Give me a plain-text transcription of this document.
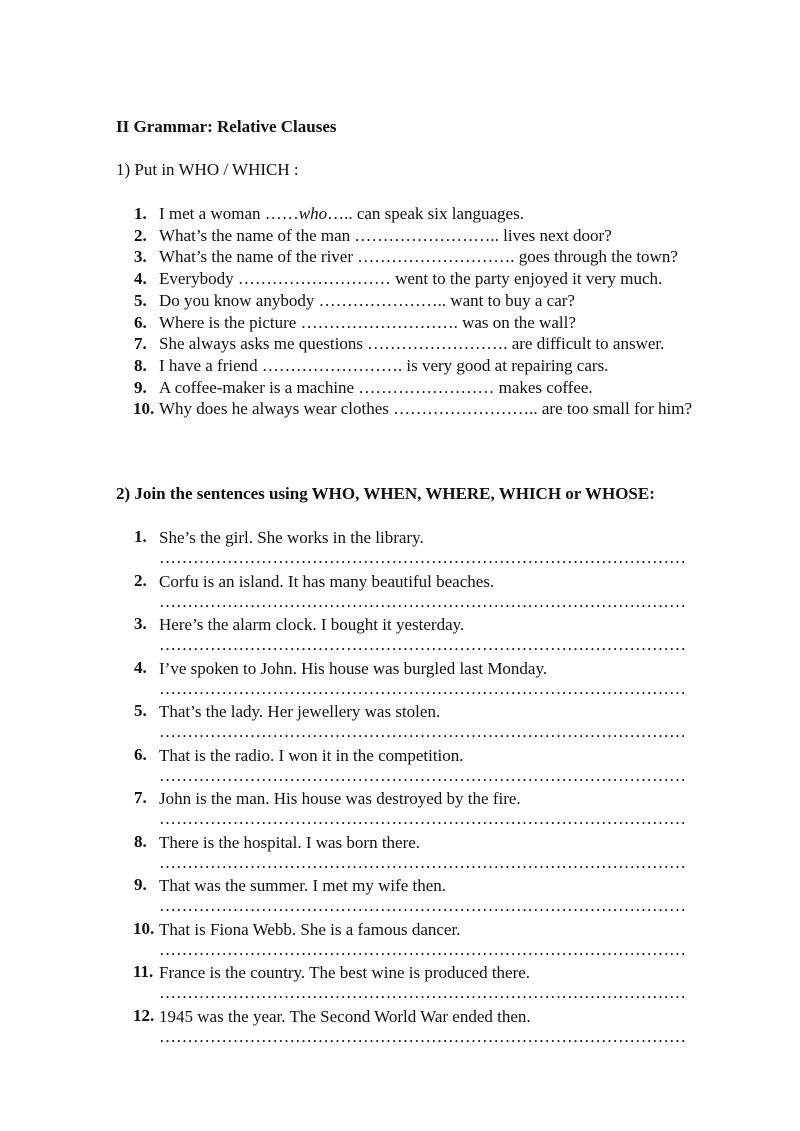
II Grammar: Relative Clauses
1) Put in WHO / WHICH :
1. I met a woman ……who….. can speak six languages.
2. What’s the name of the man …………………….. lives next door?
3. What’s the name of the river ………………………. goes through the town?
4. Everybody ……………………… went to the party enjoyed it very much.
5. Do you know anybody ………………….. want to buy a car?
6. Where is the picture ………………………. was on the wall?
7. She always asks me questions ……………………. are difficult to answer.
8. I have a friend ……………………. is very good at repairing cars.
9. A coffee-maker is a machine …………………… makes coffee.
10. Why does he always wear clothes …………………….. are too small for him?
2) Join the sentences using WHO, WHEN, WHERE, WHICH or WHOSE:
1. She’s the girl. She works in the library.
…………………………………………………………………………………
2. Corfu is an island. It has many beautiful beaches.
…………………………………………………………………………………
3. Here’s the alarm clock. I bought it yesterday.
…………………………………………………………………………………
4. I’ve spoken to John. His house was burgled last Monday.
…………………………………………………………………………………
5. That’s the lady. Her jewellery was stolen.
…………………………………………………………………………………
6. That is the radio. I won it in the competition.
…………………………………………………………………………………
7. John is the man. His house was destroyed by the fire.
…………………………………………………………………………………
8. There is the hospital. I was born there.
…………………………………………………………………………………
9. That was the summer. I met my wife then.
…………………………………………………………………………………
10. That is Fiona Webb. She is a famous dancer.
…………………………………………………………………………………
11. France is the country. The best wine is produced there.
…………………………………………………………………………………
12. 1945 was the year. The Second World War ended then.
…………………………………………………………………………………
